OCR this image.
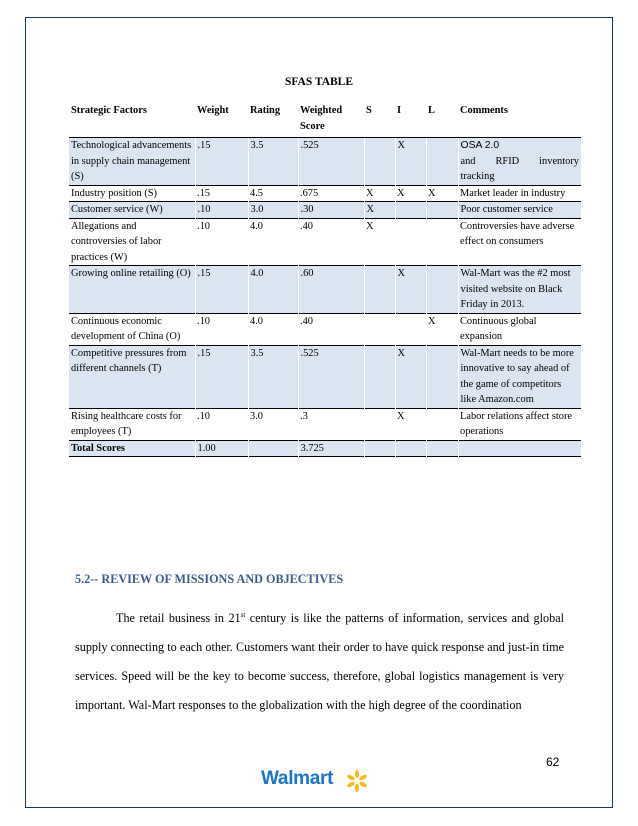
SFAS TABLE
Strategic Factors	Weight	Rating	Weighted Score	S	I	L	Comments
Technological advancements in supply chain management (S)	.15	3.5	.525		X		OSA 2.0
and RFID inventory tracking

Industry position (S)	.15	4.5	.675	X	X	X	Market leader in industry
Customer service (W)	.10	3.0	.30	X			Poor customer service
Allegations and controversies of labor practices (W)	.10	4.0	.40	X			Controversies have adverse effect on consumers
Growing online retailing (O)	.15	4.0	.60		X		Wal-Mart was the #2 most visited website on Black Friday in 2013.
Continuous economic development of China (O)	.10	4.0	.40			X	Continuous global expansion
Competitive pressures from different channels (T)	.15	3.5	.525		X		Wal-Mart needs to be more innovative to say ahead of the game of competitors like Amazon.com
Rising healthcare costs for employees (T)	.10	3.0	.3		X		Labor relations affect store operations
Total Scores	1.00		3.725				
5.2-- REVIEW OF MISSIONS AND OBJECTIVES

The retail business in 21st century is like the patterns of information, services and global supply connecting to each other. Customers want their order to have quick response and just-in time services. Speed will be the key to become success, therefore, global logistics management is very important. Wal-Mart responses to the globalization with the high degree of the coordination

62
Walmart
